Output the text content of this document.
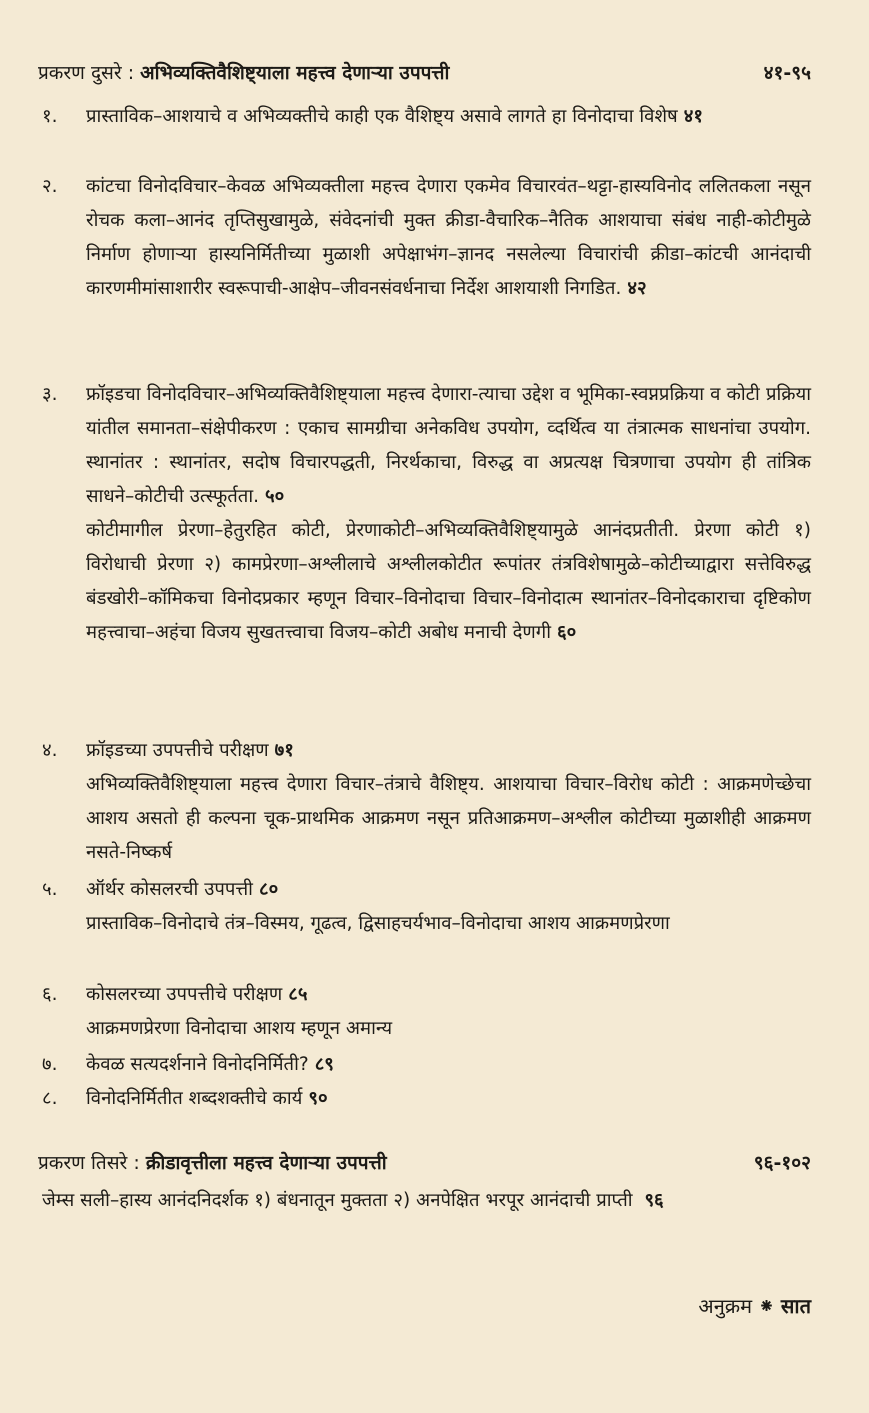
प्रकरण दुसरे : अभिव्यक्तिवैशिष्ट्याला महत्त्व देणाऱ्या उपपत्ती	४१-९५
१.	प्रास्ताविक–आशयाचे व अभिव्यक्तीचे काही एक वैशिष्ट्य असावे लागते हा विनोदाचा विशेष ४१

२.	कांटचा विनोदविचार–केवळ अभिव्यक्तीला महत्त्व देणारा एकमेव विचारवंत–थट्टा-हास्यविनोद ललितकला नसून रोचक कला–आनंद तृप्तिसुखामुळे, संवेदनांची मुक्त क्रीडा-वैचारिक–नैतिक आशयाचा संबंध नाही-कोटीमुळे निर्माण होणाऱ्या हास्यनिर्मितीच्या मुळाशी अपेक्षाभंग–ज्ञानद नसलेल्या विचारांची क्रीडा–कांटची आनंदाची कारणमीमांसाशारीर स्वरूपाची-आक्षेप–जीवनसंवर्धनाचा निर्देश आशयाशी निगडित. ४२

३.	फ्रॉइडचा विनोदविचार–अभिव्यक्तिवैशिष्ट्याला महत्त्व देणारा-त्याचा उद्देश व भूमिका-स्वप्नप्रक्रिया व कोटी प्रक्रिया यांतील समानता–संक्षेपीकरण : एकाच सामग्रीचा अनेकविध उपयोग, व्दर्थित्व या तंत्रात्मक साधनांचा उपयोग. स्थानांतर : स्थानांतर, सदोष विचारपद्धती, निरर्थकाचा, विरुद्ध वा अप्रत्यक्ष चित्रणाचा उपयोग ही तांत्रिक साधने–कोटीची उत्स्फूर्तता. ५०

कोटीमागील प्रेरणा–हेतुरहित कोटी, प्रेरणाकोटी–अभिव्यक्तिवैशिष्ट्यामुळे आनंदप्रतीती. प्रेरणा कोटी १) विरोधाची प्रेरणा २) कामप्रेरणा–अश्लीलाचे अश्लीलकोटीत रूपांतर तंत्रविशेषामुळे–कोटीच्याद्वारा सत्तेविरुद्ध बंडखोरी–कॉमिकचा विनोदप्रकार म्हणून विचार–विनोदाचा विचार–विनोदात्म स्थानांतर–विनोदकाराचा दृष्टिकोण महत्त्वाचा–अहंचा विजय सुखतत्त्वाचा विजय–कोटी अबोध मनाची देणगी ६०

४.	फ्रॉइडच्या उपपत्तीचे परीक्षण ७१

अभिव्यक्तिवैशिष्ट्याला महत्त्व देणारा विचार–तंत्राचे वैशिष्ट्य. आशयाचा विचार–विरोध कोटी : आक्रमणेच्छेचा आशय असतो ही कल्पना चूक-प्राथमिक आक्रमण नसून प्रतिआक्रमण–अश्लील कोटीच्या मुळाशीही आक्रमण नसते-निष्कर्ष

५.	ऑर्थर कोसलरची उपपत्ती ८०

प्रास्ताविक–विनोदाचे तंत्र–विस्मय, गूढत्व, द्विसाहचर्यभाव–विनोदाचा आशय आक्रमणप्रेरणा

६.	कोसलरच्या उपपत्तीचे परीक्षण ८५

आक्रमणप्रेरणा विनोदाचा आशय म्हणून अमान्य

७.	केवळ सत्यदर्शनाने विनोदनिर्मिती? ८९

८.	विनोदनिर्मितीत शब्दशक्तीचे कार्य ९०

प्रकरण तिसरे : क्रीडावृत्तीला महत्त्व देणाऱ्या उपपत्ती	९६-१०२
जेम्स सली–हास्य आनंदनिदर्शक १) बंधनातून मुक्तता २) अनपेक्षित भरपूर आनंदाची प्राप्ती ९६
अनुक्रम ⁕ सात
